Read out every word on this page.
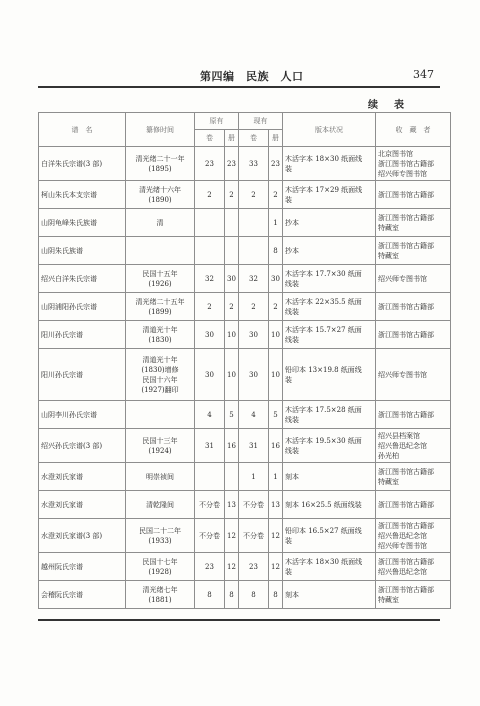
第四编　民族　人口	347
续　表
谱　名	纂修时间	原有		现有		版本状况	收　藏　者
		卷	册	卷	册		
白洋朱氏宗谱(3 部)	清光绪二十一年
(1895)	23	23	33	23	木活字本 18×30 纸面线
装	北京图书馆
浙江图书馆古籍部
绍兴师专图书馆

柯山朱氏本支宗谱	清光绪十六年
(1890)	2	2	2	2	木活字本 17×29 纸面线
装	浙江图书馆古籍部

山阴龟峰朱氏族谱	清				1	抄本	浙江图书馆古籍部
特藏室

山阴朱氏族谱					8	抄本	浙江图书馆古籍部
特藏室

绍兴白洋朱氏宗谱	民国十五年
(1926)	32	30	32	30	木活字本 17.7×30 纸面
线装	绍兴师专图书馆

山阴浦阳孙氏宗谱	清光绪二十五年
(1899)	2	2	2	2	木活字本 22×35.5 纸面
线装	浙江图书馆古籍部

阳川孙氏宗谱	清道光十年
(1830)	30	10	30	10	木活字本 15.7×27 纸面
线装	浙江图书馆古籍部

阳川孙氏宗谱	清道光十年
(1830)增修
民国十六年
(1927)翻印	30	10	30	10	铅印本 13×19.8 纸面线
装	绍兴师专图书馆

山阴李川孙氏宗谱		4	5	4	5	木活字本 17.5×28 纸面
线装	浙江图书馆古籍部

绍兴孙氏宗谱(3 部)	民国十三年
(1924)	31	16	31	16	木活字本 19.5×30 纸面
线装	绍兴县档案馆
绍兴鲁迅纪念馆
孙光柏

水澄刘氏家谱	明崇祯间			1	1	刻本	浙江图书馆古籍部
特藏室

水澄刘氏家谱	清乾隆间	不分卷	13	不分卷	13	刻本 16×25.5 纸面线装	浙江图书馆古籍部

水澄刘氏家谱(3 部)	民国二十二年
(1933)	不分卷	12	不分卷	12	铅印本 16.5×27 纸面线
装	浙江图书馆古籍部
绍兴鲁迅纪念馆
绍兴师专图书馆

越州阮氏宗谱	民国十七年
(1928)	23	12	23	12	木活字本 18×30 纸面线
装	浙江图书馆古籍部
绍兴鲁迅纪念馆

会稽阮氏宗谱	清光绪七年
(1881)	8	8	8	8	刻本	浙江图书馆古籍部
特藏室
